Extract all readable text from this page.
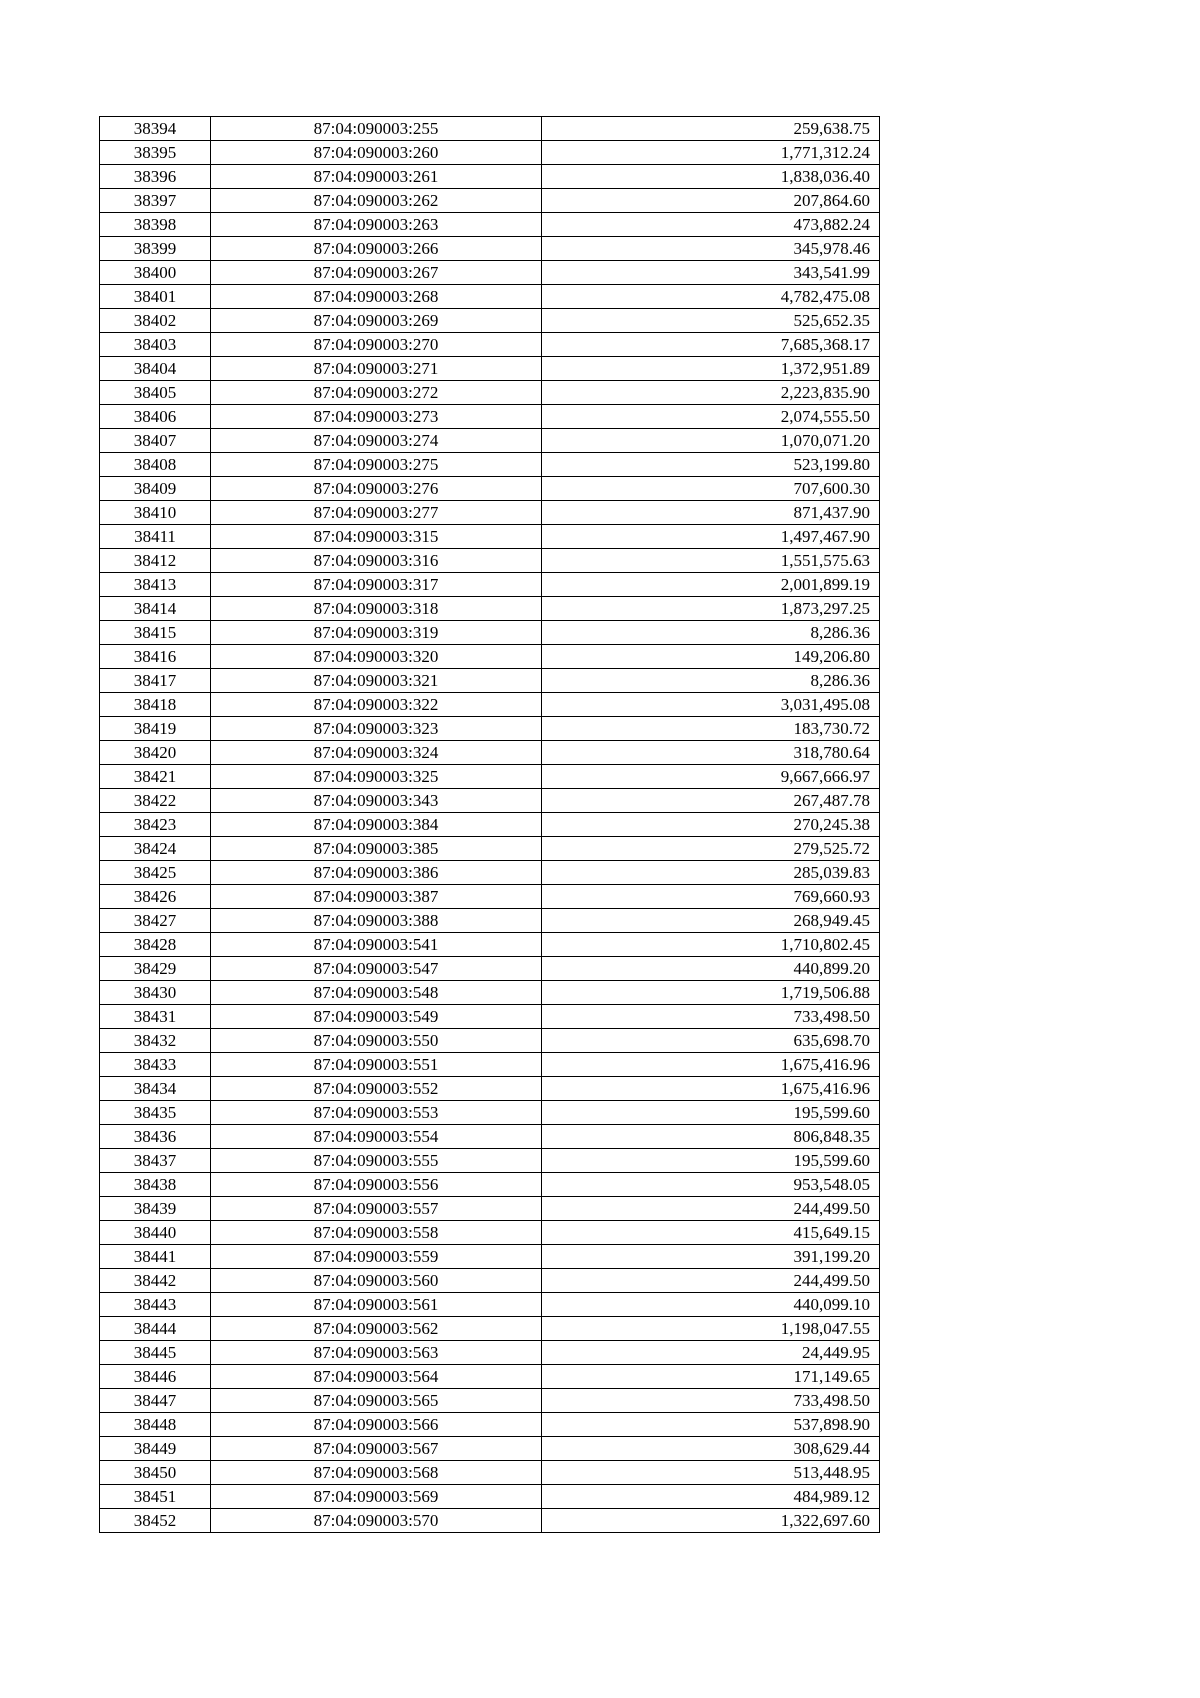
38394	87:04:090003:255	259,638.75
38395	87:04:090003:260	1,771,312.24
38396	87:04:090003:261	1,838,036.40
38397	87:04:090003:262	207,864.60
38398	87:04:090003:263	473,882.24
38399	87:04:090003:266	345,978.46
38400	87:04:090003:267	343,541.99
38401	87:04:090003:268	4,782,475.08
38402	87:04:090003:269	525,652.35
38403	87:04:090003:270	7,685,368.17
38404	87:04:090003:271	1,372,951.89
38405	87:04:090003:272	2,223,835.90
38406	87:04:090003:273	2,074,555.50
38407	87:04:090003:274	1,070,071.20
38408	87:04:090003:275	523,199.80
38409	87:04:090003:276	707,600.30
38410	87:04:090003:277	871,437.90
38411	87:04:090003:315	1,497,467.90
38412	87:04:090003:316	1,551,575.63
38413	87:04:090003:317	2,001,899.19
38414	87:04:090003:318	1,873,297.25
38415	87:04:090003:319	8,286.36
38416	87:04:090003:320	149,206.80
38417	87:04:090003:321	8,286.36
38418	87:04:090003:322	3,031,495.08
38419	87:04:090003:323	183,730.72
38420	87:04:090003:324	318,780.64
38421	87:04:090003:325	9,667,666.97
38422	87:04:090003:343	267,487.78
38423	87:04:090003:384	270,245.38
38424	87:04:090003:385	279,525.72
38425	87:04:090003:386	285,039.83
38426	87:04:090003:387	769,660.93
38427	87:04:090003:388	268,949.45
38428	87:04:090003:541	1,710,802.45
38429	87:04:090003:547	440,899.20
38430	87:04:090003:548	1,719,506.88
38431	87:04:090003:549	733,498.50
38432	87:04:090003:550	635,698.70
38433	87:04:090003:551	1,675,416.96
38434	87:04:090003:552	1,675,416.96
38435	87:04:090003:553	195,599.60
38436	87:04:090003:554	806,848.35
38437	87:04:090003:555	195,599.60
38438	87:04:090003:556	953,548.05
38439	87:04:090003:557	244,499.50
38440	87:04:090003:558	415,649.15
38441	87:04:090003:559	391,199.20
38442	87:04:090003:560	244,499.50
38443	87:04:090003:561	440,099.10
38444	87:04:090003:562	1,198,047.55
38445	87:04:090003:563	24,449.95
38446	87:04:090003:564	171,149.65
38447	87:04:090003:565	733,498.50
38448	87:04:090003:566	537,898.90
38449	87:04:090003:567	308,629.44
38450	87:04:090003:568	513,448.95
38451	87:04:090003:569	484,989.12
38452	87:04:090003:570	1,322,697.60
